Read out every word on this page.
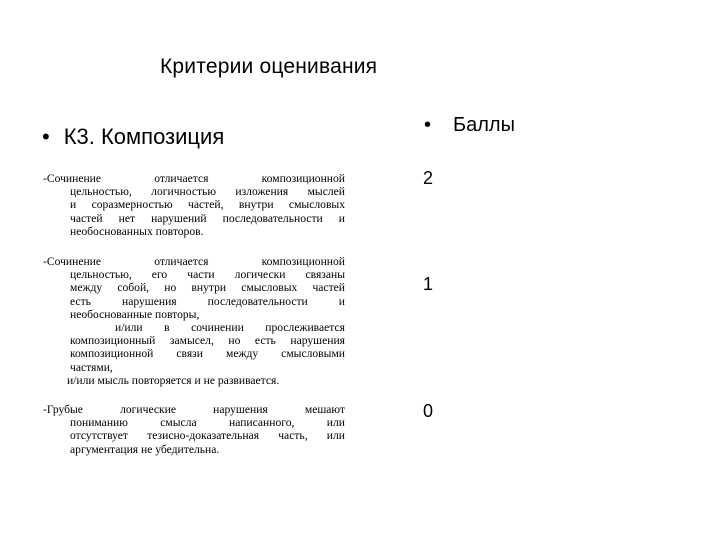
Критерии оценивания
• К3. Композиция	• Баллы
-Сочинение отличается композиционной
цельностью, логичностью изложения мыслей
и соразмерностью частей, внутри смысловых
частей нет нарушений последовательности и
необоснованных повторов.
2
-Сочинение отличается композиционной
цельностью, его части логически связаны
между собой, но внутри смысловых частей
есть нарушения последовательности и
необоснованные повторы,
и/или в сочинении прослеживается
композиционный замысел, но есть нарушения
композиционной связи между смысловыми
частями,
и/или мысль повторяется и не развивается.
1
-Грубые логические нарушения мешают
пониманию смысла написанного, или
отсутствует тезисно-доказательная часть, или
аргументация не убедительна.
0
